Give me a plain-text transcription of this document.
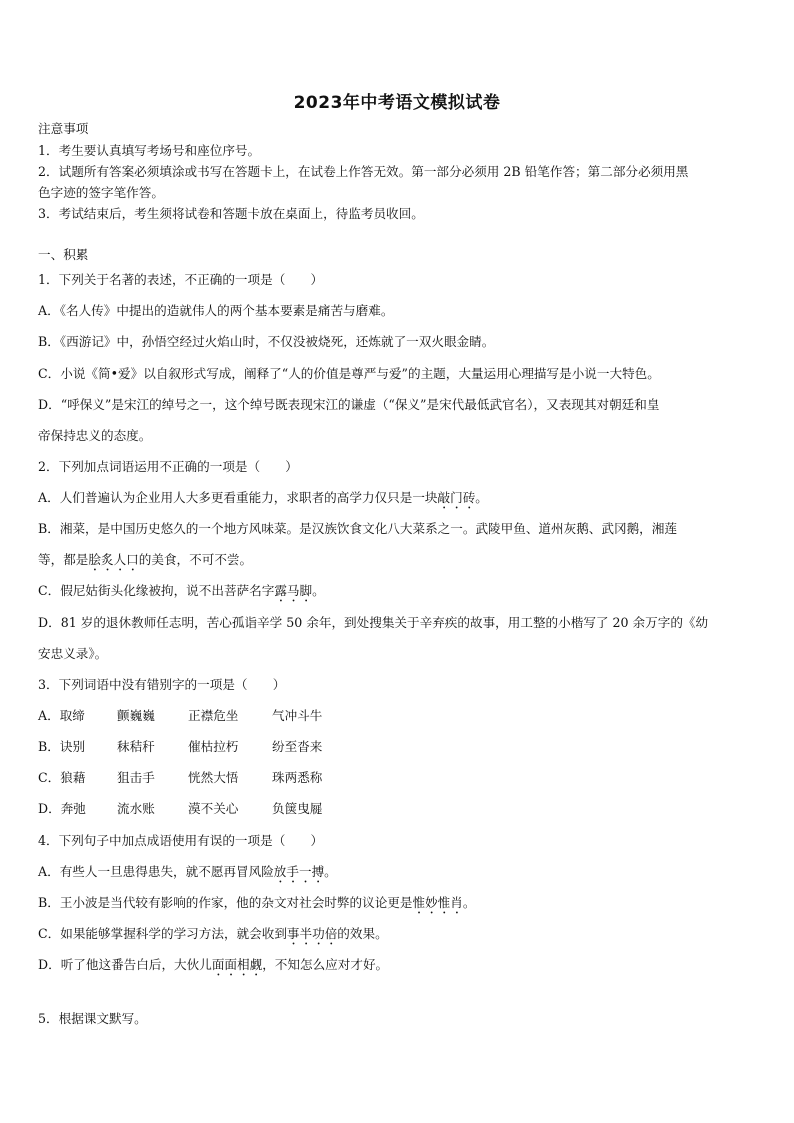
2023年中考语文模拟试卷
注意事项
1．考生要认真填写考场号和座位序号。
2．试题所有答案必须填涂或书写在答题卡上，在试卷上作答无效。第一部分必须用 2B 铅笔作答；第二部分必须用黑
色字迹的签字笔作答。
3．考试结束后，考生须将试卷和答题卡放在桌面上，待监考员收回。
一、积累
1．下列关于名著的表述，不正确的一项是（　　）
A．《名人传》中提出的造就伟人的两个基本要素是痛苦与磨难。
B．《西游记》中，孙悟空经过火焰山时，不仅没被烧死，还炼就了一双火眼金睛。
C．小说《简•爱》以自叙形式写成，阐释了“人的价值是尊严与爱”的主题，大量运用心理描写是小说一大特色。
D．“呼保义”是宋江的绰号之一，这个绰号既表现宋江的谦虚（“保义”是宋代最低武官名），又表现其对朝廷和皇
帝保持忠义的态度。
2．下列加点词语运用不正确的一项是（　　）
A．人们普遍认为企业用人大多更看重能力，求职者的高学力仅只是一块敲门砖。
B．湘菜，是中国历史悠久的一个地方风味菜。是汉族饮食文化八大菜系之一。武陵甲鱼、道州灰鹅、武冈鹅，湘莲
等，都是脍炙人口的美食，不可不尝。
C．假尼姑街头化缘被拘，说不出菩萨名字露马脚。
D．81 岁的退休教师任志明，苦心孤诣辛学 50 余年，到处搜集关于辛弃疾的故事，用工整的小楷写了 20 余万字的《幼
安忠义录》。
3．下列词语中没有错别字的一项是（　　）
A．取缔	颤巍巍	正襟危坐	气冲斗牛
B．诀别	秣秸秆	催枯拉朽	纷至沓来
C．狼藉	狙击手	恍然大悟	珠两悉称
D．奔弛 流水账	漠不关心	负箧曳屣
4．下列句子中加点成语使用有误的一项是（　　）
A．有些人一旦患得患失，就不愿再冒风险放手一搏。
B．王小波是当代较有影响的作家，他的杂文对社会时弊的议论更是惟妙惟肖。
C．如果能够掌握科学的学习方法，就会收到事半功倍的效果。
D．听了他这番告白后，大伙儿面面相觑，不知怎么应对才好。
5．根据课文默写。
